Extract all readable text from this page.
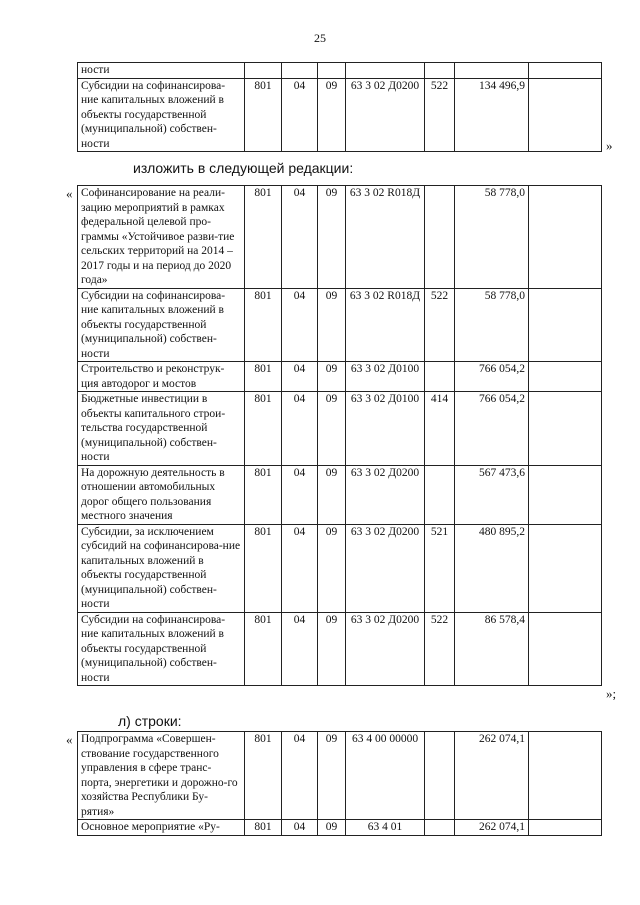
25
ности							
Субсидии на софинансирова-ние капитальных вложений в объекты государственной (муниципальной) собствен-ности	801	04	09	63 3 02 Д0200	522	134 496,9	
»
изложить в следующей редакции:
« Софинансирование на реали-зацию мероприятий в рамках федеральной целевой про-граммы «Устойчивое разви-тие сельских территорий на 2014 – 2017 годы и на период до 2020 года»	801	04	09	63 3 02 R018Д		58 778,0	
Субсидии на софинансирова-ние капитальных вложений в объекты государственной (муниципальной) собствен-ности	801	04	09	63 3 02 R018Д	522	58 778,0	
Строительство и реконструк-ция автодорог и мостов	801	04	09	63 3 02 Д0100		766 054,2	
Бюджетные инвестиции в объекты капитального строи-тельства государственной (муниципальной) собствен-ности	801	04	09	63 3 02 Д0100	414	766 054,2	
На дорожную деятельность в отношении автомобильных дорог общего пользования местного значения	801	04	09	63 3 02 Д0200		567 473,6	
Субсидии, за исключением субсидий на софинансирова-ние капитальных вложений в объекты государственной (муниципальной) собствен-ности	801	04	09	63 3 02 Д0200	521	480 895,2	
Субсидии на софинансирова-ние капитальных вложений в объекты государственной (муниципальной) собствен-ности	801	04	09	63 3 02 Д0200	522	86 578,4	
»;
л) строки:
« Подпрограмма «Совершен-ствование государственного управления в сфере транс-порта, энергетики и дорожно-го хозяйства Республики Бу-рятия»	801	04	09	63 4 00 00000		262 074,1	
Основное мероприятие «Ру-	801	04	09	63 4 01		262 074,1	
